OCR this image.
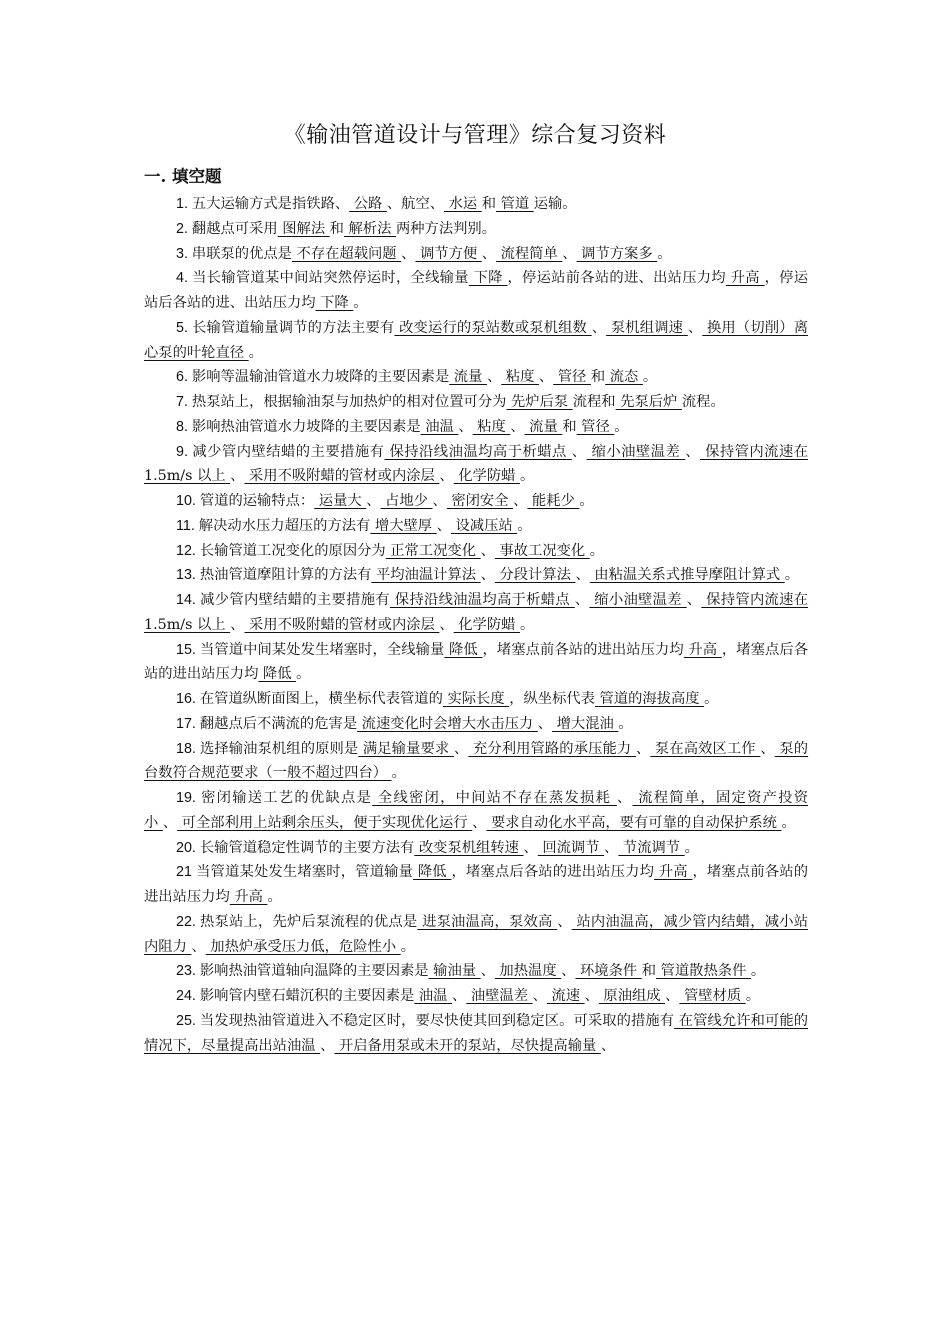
《输油管道设计与管理》综合复习资料
一. 填空题

1. 五大运输方式是指铁路、 公路 、航空、 水运 和 管道 运输。

2. 翻越点可采用 图解法 和 解析法 两种方法判别。

3. 串联泵的优点是 不存在超载问题 、 调节方便 、 流程简单 、 调节方案多 。

4. 当长输管道某中间站突然停运时，全线输量 下降 ，停运站前各站的进、出站压力均 升高 ，停运站后各站的进、出站压力均 下降 。

5. 长输管道输量调节的方法主要有 改变运行的泵站数或泵机组数 、 泵机组调速 、 换用（切削）离心泵的叶轮直径 。

6. 影响等温输油管道水力坡降的主要因素是 流量 、 粘度 、 管径 和 流态 。

7. 热泵站上，根据输油泵与加热炉的相对位置可分为 先炉后泵 流程和 先泵后炉 流程。

8. 影响热油管道水力坡降的主要因素是 油温 、 粘度 、 流量 和 管径 。

9. 减少管内壁结蜡的主要措施有 保持沿线油温均高于析蜡点 、 缩小油壁温差 、 保持管内流速在 1.5m/s 以上 、 采用不吸附蜡的管材或内涂层 、 化学防蜡 。

10. 管道的运输特点： 运量大 、 占地少 、 密闭安全 、 能耗少 。

11. 解决动水压力超压的方法有 增大壁厚 、 设减压站 。

12. 长输管道工况变化的原因分为 正常工况变化 、 事故工况变化 。

13. 热油管道摩阻计算的方法有 平均油温计算法 、 分段计算法 、 由粘温关系式推导摩阻计算式 。

14. 减少管内壁结蜡的主要措施有 保持沿线油温均高于析蜡点 、 缩小油壁温差 、 保持管内流速在 1.5m/s 以上 、 采用不吸附蜡的管材或内涂层 、 化学防蜡 。

15. 当管道中间某处发生堵塞时，全线输量 降低 ，堵塞点前各站的进出站压力均 升高 ，堵塞点后各站的进出站压力均 降低 。

16. 在管道纵断面图上，横坐标代表管道的 实际长度 ，纵坐标代表 管道的海拔高度 。

17. 翻越点后不满流的危害是 流速变化时会增大水击压力 、 增大混油 。

18. 选择输油泵机组的原则是 满足输量要求 、 充分利用管路的承压能力 、 泵在高效区工作 、 泵的台数符合规范要求（一般不超过四台） 。

19. 密闭输送工艺的优缺点是 全线密闭，中间站不存在蒸发损耗 、 流程简单，固定资产投资小 、 可全部利用上站剩余压头，便于实现优化运行 、 要求自动化水平高，要有可靠的自动保护系统 。

20. 长输管道稳定性调节的主要方法有 改变泵机组转速 、 回流调节 、 节流调节 。

21 当管道某处发生堵塞时，管道输量 降低 ，堵塞点后各站的进出站压力均 升高 ，堵塞点前各站的进出站压力均 升高 。

22. 热泵站上，先炉后泵流程的优点是 进泵油温高，泵效高 、 站内油温高，减少管内结蜡，减小站内阻力 、 加热炉承受压力低，危险性小 。

23. 影响热油管道轴向温降的主要因素是 输油量 、 加热温度 、 环境条件 和 管道散热条件 。

24. 影响管内壁石蜡沉积的主要因素是 油温 、 油壁温差 、 流速 、 原油组成 、 管壁材质 。

25. 当发现热油管道进入不稳定区时，要尽快使其回到稳定区。可采取的措施有 在管线允许和可能的情况下，尽量提高出站油温 、 开启备用泵或未开的泵站，尽快提高输量 、
